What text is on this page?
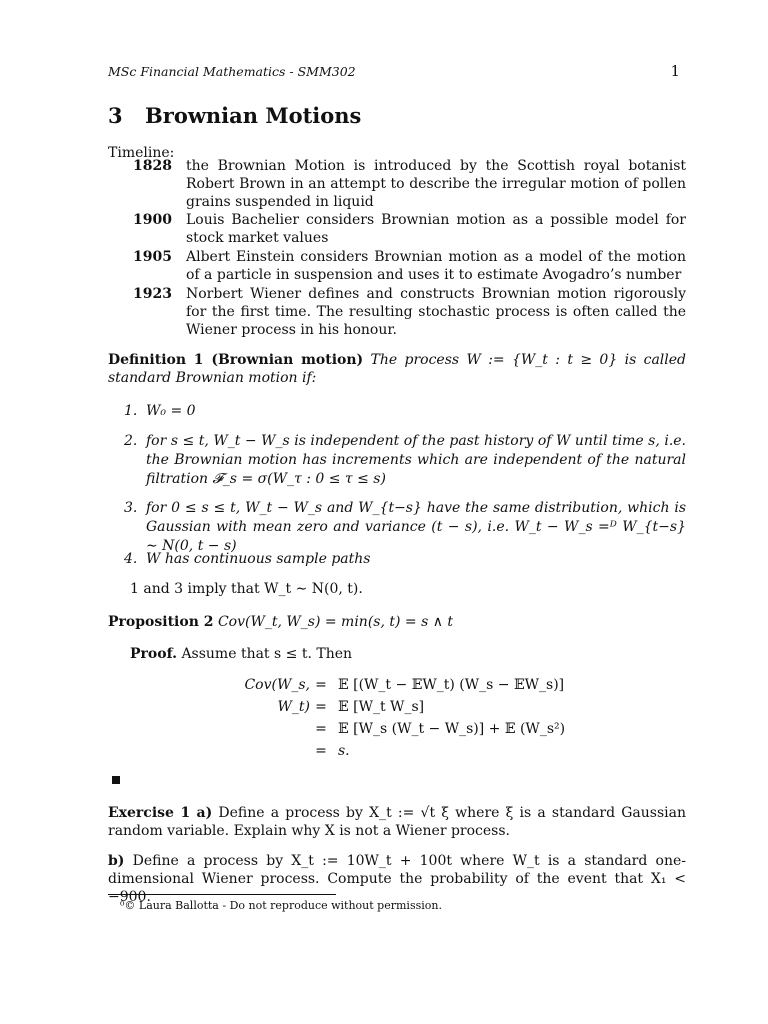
MSc Financial Mathematics - SMM302	1
3 Brownian Motions
Timeline:
1828 the Brownian Motion is introduced by the Scottish royal botanist Robert Brown in an attempt to describe the irregular motion of pollen grains suspended in liquid
1900 Louis Bachelier considers Brownian motion as a possible model for stock market values
1905 Albert Einstein considers Brownian motion as a model of the motion of a particle in suspension and uses it to estimate Avogadro’s number
1923 Norbert Wiener defines and constructs Brownian motion rigorously for the first time. The resulting stochastic process is often called the Wiener process in his honour.
Definition 1 (Brownian motion) The process W := {W_t : t ≥ 0} is called standard Brownian motion if:
1. W₀ = 0
2. for s ≤ t, W_t − W_s is independent of the past history of W until time s, i.e. the Brownian motion has increments which are independent of the natural filtration 𝓕_s = σ(W_τ : 0 ≤ τ ≤ s)
3. for 0 ≤ s ≤ t, W_t − W_s and W_{t−s} have the same distribution, which is Gaussian with mean zero and variance (t − s), i.e. W_t − W_s =ᴰ W_{t−s} ∼ N(0, t − s)
4. W has continuous sample paths
1 and 3 imply that W_t ∼ N(0, t).
Proposition 2 Cov(W_t, W_s) = min(s, t) = s ∧ t
Proof. Assume that s ≤ t. Then
Cov(W_s, W_t)
= 𝔼 [(W_t − 𝔼W_t) (W_s − 𝔼W_s)]
= 𝔼 [W_t W_s]
= 𝔼 [W_s (W_t − W_s)] + 𝔼 (W_s²)
= s.
Exercise 1 a) Define a process by X_t := √t ξ where ξ is a standard Gaussian random variable. Explain why X is not a Wiener process.
b) Define a process by X_t := 10W_t + 100t where W_t is a standard one-dimensional Wiener process. Compute the probability of the event that X₁ < −900.
⁰© Laura Ballotta - Do not reproduce without permission.
